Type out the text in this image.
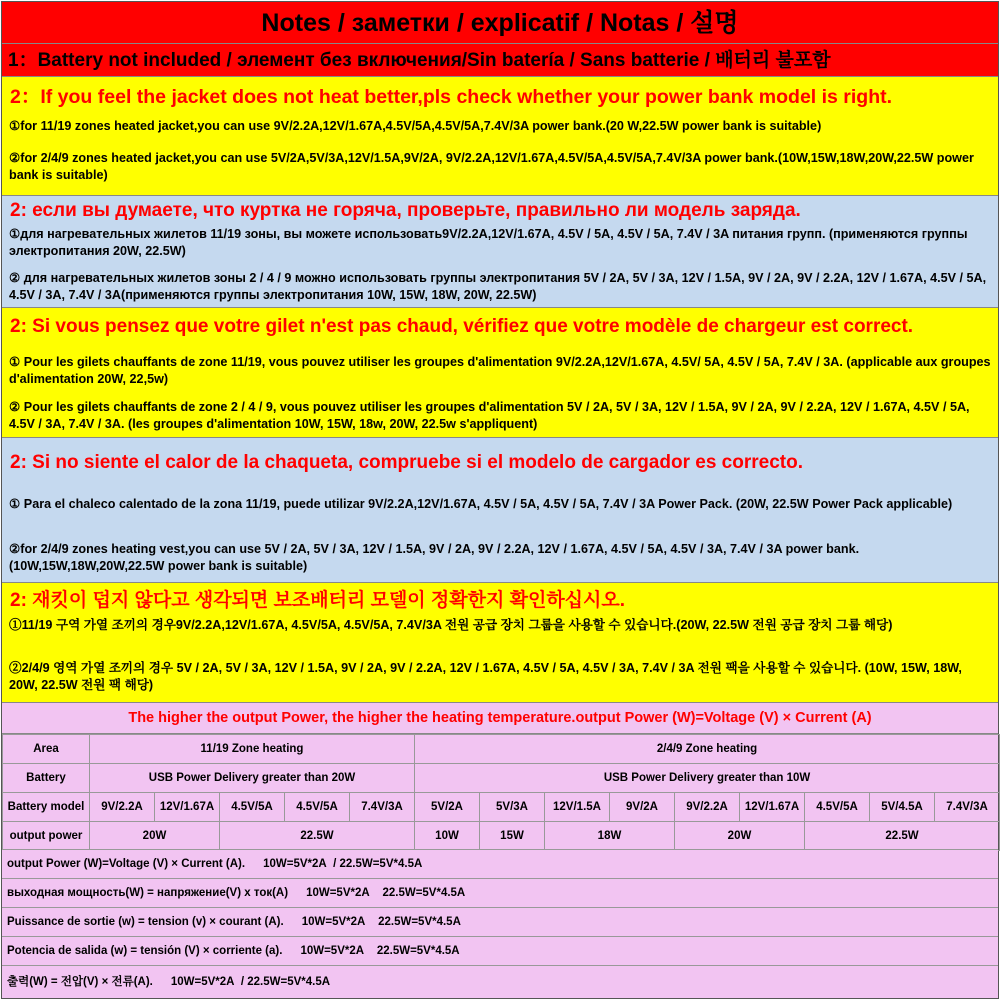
Notes / заметки / explicatif / Notas / 설명
1：Battery not included / элемент без включения/Sin batería / Sans batterie / 배터리 불포함
2：If you feel the jacket does not heat better,pls check whether your power bank model is right.
①for 11/19 zones heated jacket,you can use 9V/2.2A,12V/1.67A,4.5V/5A,4.5V/5A,7.4V/3A power bank.(20 W,22.5W power bank is suitable)
②for 2/4/9 zones heated jacket,you can use 5V/2A,5V/3A,12V/1.5A,9V/2A, 9V/2.2A,12V/1.67A,4.5V/5A,4.5V/5A,7.4V/3A power bank.(10W,15W,18W,20W,22.5W power bank is suitable)
2: если вы думаете, что куртка не горяча, проверьте, правильно ли модель заряда.
①для нагревательных жилетов 11/19 зоны, вы можете использовать9V/2.2A,12V/1.67A, 4.5V / 5A, 4.5V / 5A, 7.4V / 3A питания групп. (применяются группы электропитания 20W, 22.5W)
② для нагревательных жилетов зоны 2 / 4 / 9 можно использовать группы электропитания 5V / 2A, 5V / 3A, 12V / 1.5A, 9V / 2A, 9V / 2.2A, 12V / 1.67A, 4.5V / 5A, 4.5V / 3A, 7.4V / 3A(применяются группы электропитания 10W, 15W, 18W, 20W, 22.5W)
2: Si vous pensez que votre gilet n'est pas chaud, vérifiez que votre modèle de chargeur est correct.
① Pour les gilets chauffants de zone 11/19, vous pouvez utiliser les groupes d'alimentation 9V/2.2A,12V/1.67A, 4.5V/ 5A, 4.5V / 5A, 7.4V / 3A. (applicable aux groupes d'alimentation 20W, 22,5w)
② Pour les gilets chauffants de zone 2 / 4 / 9, vous pouvez utiliser les groupes d'alimentation 5V / 2A, 5V / 3A, 12V / 1.5A, 9V / 2A, 9V / 2.2A, 12V / 1.67A, 4.5V / 5A, 4.5V / 3A, 7.4V / 3A. (les groupes d'alimentation 10W, 15W, 18w, 20W, 22.5w s'appliquent)
2: Si no siente el calor de la chaqueta, compruebe si el modelo de cargador es correcto.
① Para el chaleco calentado de la zona 11/19, puede utilizar 9V/2.2A,12V/1.67A, 4.5V / 5A, 4.5V / 5A, 7.4V / 3A Power Pack. (20W, 22.5W Power Pack applicable)
②for 2/4/9 zones heating vest,you can use 5V / 2A, 5V / 3A, 12V / 1.5A, 9V / 2A, 9V / 2.2A, 12V / 1.67A, 4.5V / 5A, 4.5V / 3A, 7.4V / 3A power bank.(10W,15W,18W,20W,22.5W power bank is suitable)
2: 재킷이 덥지 않다고 생각되면 보조배터리 모델이 정확한지 확인하십시오.
①11/19 구역 가열 조끼의 경우9V/2.2A,12V/1.67A, 4.5V/5A, 4.5V/5A, 7.4V/3A 전원 공급 장치 그룹을 사용할 수 있습니다.(20W, 22.5W 전원 공급 장치 그룹 해당)
②2/4/9 영역 가열 조끼의 경우 5V / 2A, 5V / 3A, 12V / 1.5A, 9V / 2A, 9V / 2.2A, 12V / 1.67A, 4.5V / 5A, 4.5V / 3A, 7.4V / 3A 전원 팩을 사용할 수 있습니다. (10W, 15W, 18W, 20W, 22.5W 전원 팩 해당)
The higher the output Power, the higher the heating temperature.output Power (W)=Voltage (V) × Current (A)
Area	11/19 Zone heating					2/4/9 Zone heating								
Battery	USB Power Delivery greater than 20W					USB Power Delivery greater than 10W								
Battery model	9V/2.2A	12V/1.67A	4.5V/5A	4.5V/5A	7.4V/3A	5V/2A	5V/3A	12V/1.5A	9V/2A	9V/2.2A	12V/1.67A	4.5V/5A	5V/4.5A	7.4V/3A
output power	20W		22.5W			10W	15W	18W		20W		22.5W		
output Power (W)=Voltage (V) × Current (A). 10W=5V*2A / 22.5W=5V*4.5A
выходная мощность(W) = напряжение(V) x ток(A) 10W=5V*2A 22.5W=5V*4.5A
Puissance de sortie (w) = tension (v) × courant (A). 10W=5V*2A 22.5W=5V*4.5A
Potencia de salida (w) = tensión (V) × corriente (a). 10W=5V*2A 22.5W=5V*4.5A
출력(W) = 전압(V) × 전류(A). 10W=5V*2A / 22.5W=5V*4.5A
